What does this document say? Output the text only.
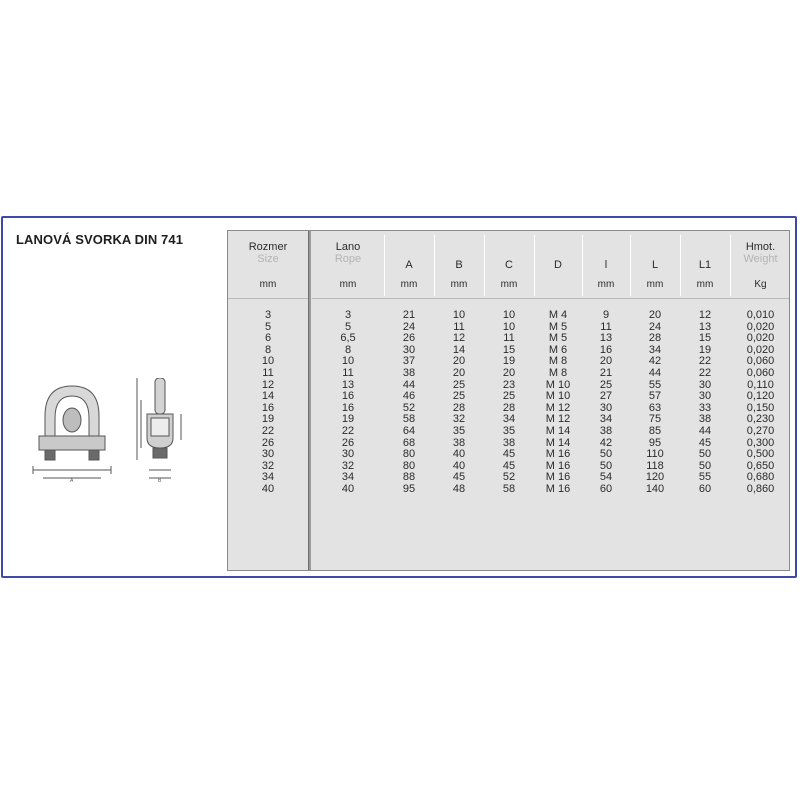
LANOVÁ SVORKA DIN 741
A	B
Rozmer
Size
mm
3
5
6
8
10
11
12
14
16
19
22
26
30
32
34
40
Lano
Rope
mm
3
5
6,5
8
10
11
13
16
16
19
22
26
30
32
34
40
A
mm
21
24
26
30
37
38
44
46
52
58
64
68
80
80
88
95
B
mm
10
11
12
14
20
20
25
25
28
32
35
38
40
40
45
48
C
mm
10
10
11
15
19
20
23
25
28
34
35
38
45
45
52
58
D
M 4
M 5
M 5
M 6
M 8
M 8
M 10
M 10
M 12
M 12
M 14
M 14
M 16
M 16
M 16
M 16
l
mm
9
11
13
16
20
21
25
27
30
34
38
42
50
50
54
60
L
mm
20
24
28
34
42
44
55
57
63
75
85
95
110
118
120
140
L1
mm
12
13
15
19
22
22
30
30
33
38
44
45
50
50
55
60
Hmot.
Weight
Kg
0,010
0,020
0,020
0,020
0,060
0,060
0,110
0,120
0,150
0,230
0,270
0,300
0,500
0,650
0,680
0,860
